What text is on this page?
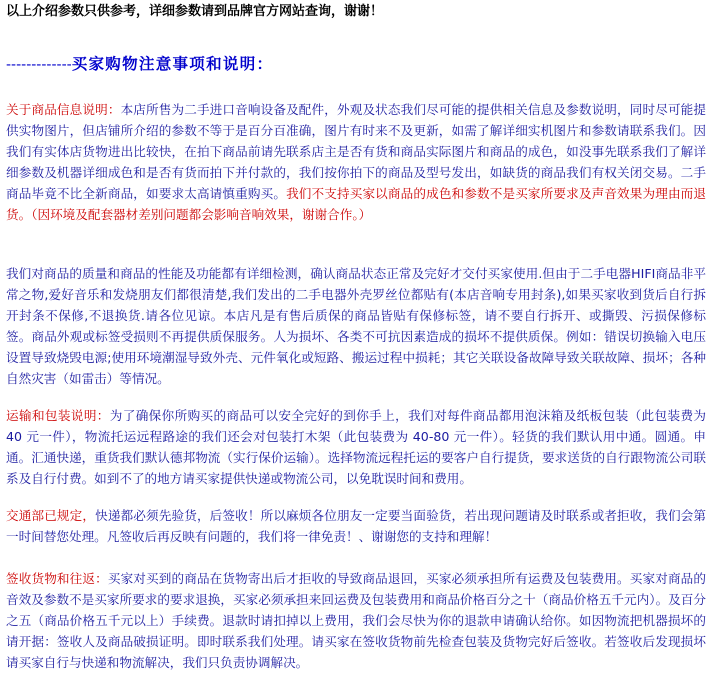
以上介绍参数只供参考，详细参数请到品牌官方网站查询，谢谢！
-------------买家购物注意事项和说明：
关于商品信息说明：本店所售为二手进口音响设备及配件，外观及状态我们尽可能的提供相关信息及参数说明，同时尽可能提供实物图片，但店铺所介绍的参数不等于是百分百准确，图片有时来不及更新，如需了解详细实机图片和参数请联系我们。因我们有实体店货物进出比较快，在拍下商品前请先联系店主是否有货和商品实际图片和商品的成色，如没事先联系我们了解详细参数及机器详细成色和是否有货而拍下并付款的，我们按你拍下的商品及型号发出，如缺货的商品我们有权关闭交易。二手商品毕竟不比全新商品，如要求太高请慎重购买。我们不支持买家以商品的成色和参数不是买家所要求及声音效果为理由而退货。（因环境及配套器材差别问题都会影响音响效果，谢谢合作。）
我们对商品的质量和商品的性能及功能都有详细检测，确认商品状态正常及完好才交付买家使用.但由于二手电器HIFI商品非平常之物,爱好音乐和发烧朋友们都很清楚,我们发出的二手电器外壳罗丝位都贴有(本店音响专用封条),如果买家收到货后自行拆开封条不保修,不退换货.请各位见谅。本店凡是有售后质保的商品皆贴有保修标签，请不要自行拆开、或撕毁、污损保修标签。商品外观或标签受损则不再提供质保服务。人为损坏、各类不可抗因素造成的损坏不提供质保。例如：错误切换输入电压设置导致烧毁电源;使用环境潮湿导致外壳、元件氧化或短路、搬运过程中损耗；其它关联设备故障导致关联故障、损坏；各种自然灾害（如雷击）等情况。
运输和包装说明：为了确保你所购买的商品可以安全完好的到你手上，我们对每件商品都用泡沫箱及纸板包装（此包装费为 40 元一件），物流托运远程路途的我们还会对包装打木架（此包装费为 40-80 元一件）。轻货的我们默认用中通。圆通。申通。汇通快递，重货我们默认德邦物流（实行保价运输）。选择物流远程托运的要客户自行提货，要求送货的自行跟物流公司联系及自行付费。如到不了的地方请买家提供快递或物流公司，以免耽误时间和费用。
交通部已规定，快递都必须先验货，后签收！所以麻烦各位朋友一定要当面验货，若出现问题请及时联系或者拒收，我们会第一时间替您处理。凡签收后再反映有问题的，我们将一律免责！、谢谢您的支持和理解！
签收货物和往返：买家对买到的商品在货物寄出后才拒收的导致商品退回，买家必须承担所有运费及包装费用。买家对商品的音效及参数不是买家所要求的要求退换，买家必须承担来回运费及包装费用和商品价格百分之十（商品价格五千元内）。及百分之五（商品价格五千元以上）手续费。退款时请扣掉以上费用，我们会尽快为你的退款申请确认给你。如因物流把机器损坏的请开据：签收人及商品破损证明。即时联系我们处理。请买家在签收货物前先检查包装及货物完好后签收。若签收后发现损坏请买家自行与快递和物流解决，我们只负责协调解决。
